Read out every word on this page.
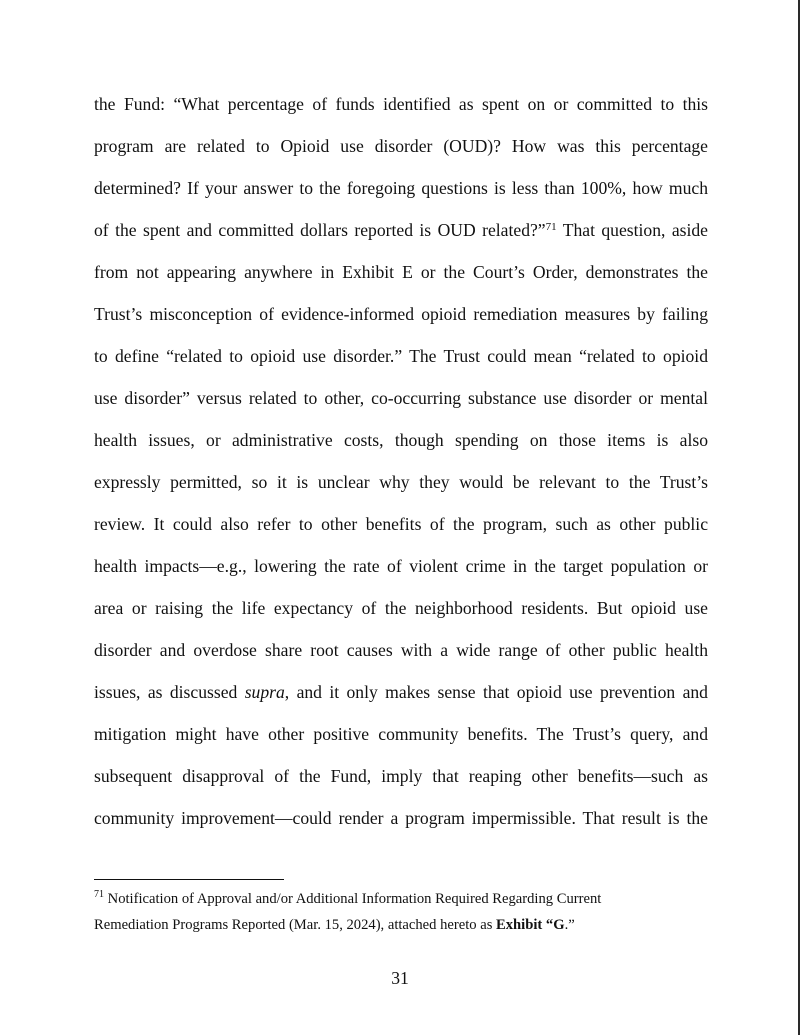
the Fund: “What percentage of funds identified as spent on or committed to this
program are related to Opioid use disorder (OUD)? How was this percentage
determined? If your answer to the foregoing questions is less than 100%, how much
of the spent and committed dollars reported is OUD related?”$^{71}$ That question, aside
from not appearing anywhere in Exhibit E or the Court’s Order, demonstrates the
Trust’s misconception of evidence-informed opioid remediation measures by failing
to define “related to opioid use disorder.” The Trust could mean “related to opioid
use disorder” versus related to other, co-occurring substance use disorder or mental
health issues, or administrative costs, though spending on those items is also
expressly permitted, so it is unclear why they would be relevant to the Trust’s
review. It could also refer to other benefits of the program, such as other public
health impacts—e.g., lowering the rate of violent crime in the target population or
area or raising the life expectancy of the neighborhood residents. But opioid use
disorder and overdose share root causes with a wide range of other public health
issues, as discussed supra, and it only makes sense that opioid use prevention and
mitigation might have other positive community benefits. The Trust’s query, and
subsequent disapproval of the Fund, imply that reaping other benefits—such as
community improvement—could render a program impermissible. That result is the
$^{71}$ Notification of Approval and/or Additional Information Required Regarding Current
Remediation Programs Reported (Mar. 15, 2024), attached hereto as Exhibit “G.”
31
